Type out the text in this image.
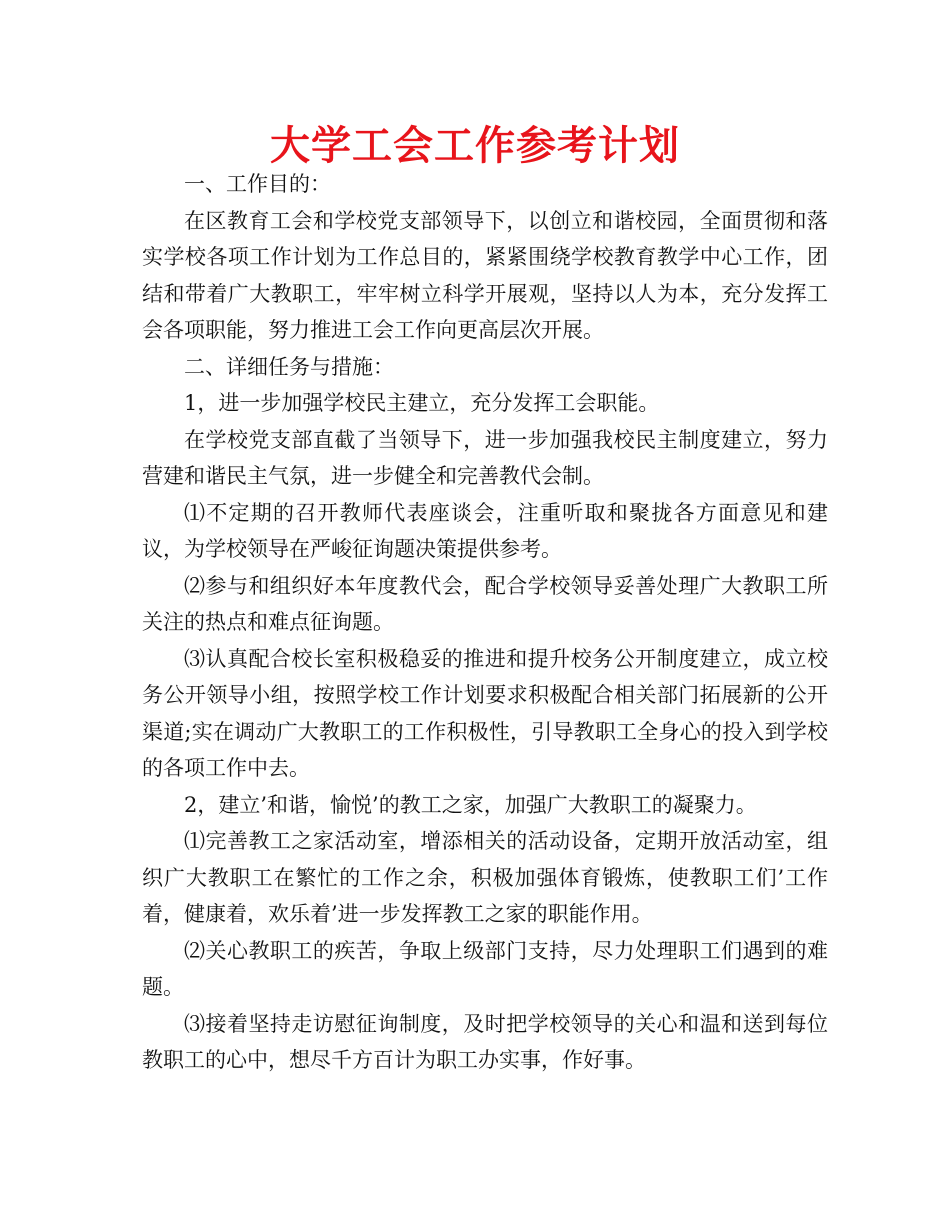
大学工会工作参考计划

一、工作目的：

在区教育工会和学校党支部领导下，以创立和谐校园，全面贯彻和落实学校各项工作计划为工作总目的，紧紧围绕学校教育教学中心工作，团结和带着广大教职工，牢牢树立科学开展观，坚持以人为本，充分发挥工会各项职能，努力推进工会工作向更高层次开展。

二、详细任务与措施：

1，进一步加强学校民主建立，充分发挥工会职能。

在学校党支部直截了当领导下，进一步加强我校民主制度建立，努力营建和谐民主气氛，进一步健全和完善教代会制。

⑴不定期的召开教师代表座谈会，注重听取和聚拢各方面意见和建议，为学校领导在严峻征询题决策提供参考。

⑵参与和组织好本年度教代会，配合学校领导妥善处理广大教职工所关注的热点和难点征询题。

⑶认真配合校长室积极稳妥的推进和提升校务公开制度建立，成立校务公开领导小组，按照学校工作计划要求积极配合相关部门拓展新的公开渠道;实在调动广大教职工的工作积极性，引导教职工全身心的投入到学校的各项工作中去。

2，建立’和谐，愉悦’的教工之家，加强广大教职工的凝聚力。

⑴完善教工之家活动室，增添相关的活动设备，定期开放活动室，组织广大教职工在繁忙的工作之余，积极加强体育锻炼，使教职工们’工作着，健康着，欢乐着’进一步发挥教工之家的职能作用。

⑵关心教职工的疾苦，争取上级部门支持，尽力处理职工们遇到的难题。

⑶接着坚持走访慰征询制度，及时把学校领导的关心和温和送到每位教职工的心中，想尽千方百计为职工办实事，作好事。
